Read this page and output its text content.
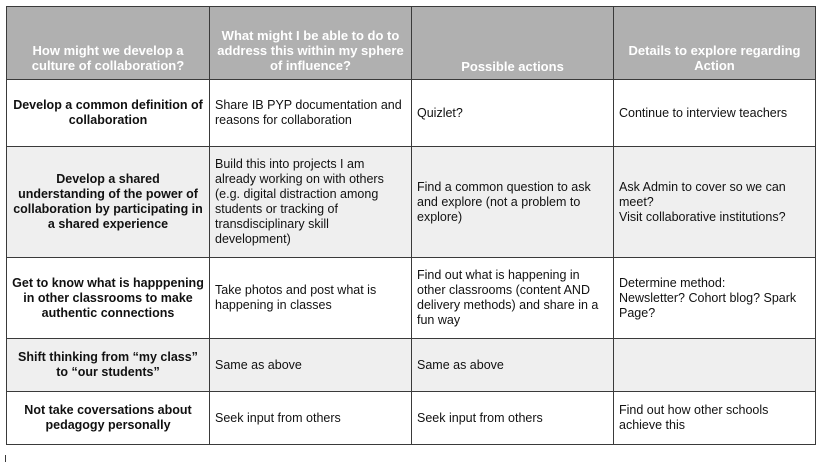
How might we develop a culture of collaboration?	What might I be able to do to address this within my sphere of influence?	Possible actions	Details to explore regarding Action
Develop a common definition of collaboration	Share IB PYP documentation and reasons for collaboration	Quizlet?	Continue to interview teachers
Develop a shared understanding of the power of collaboration by participating in a shared experience	Build this into projects I am already working on with others (e.g. digital distraction among students or tracking of transdisciplinary skill development)	Find a common question to ask and explore (not a problem to explore)	Ask Admin to cover so we can meet?
Visit collaborative institutions?
Get to know what is happpening in other classrooms to make authentic connections	Take photos and post what is happening in classes	Find out what is happening in other classrooms (content AND delivery methods) and share in a fun way	Determine method:
Newsletter? Cohort blog? Spark Page?
Shift thinking from “my class” to “our students”	Same as above	Same as above	
Not take coversations about pedagogy personally	Seek input from others	Seek input from others	Find out how other schools achieve this
